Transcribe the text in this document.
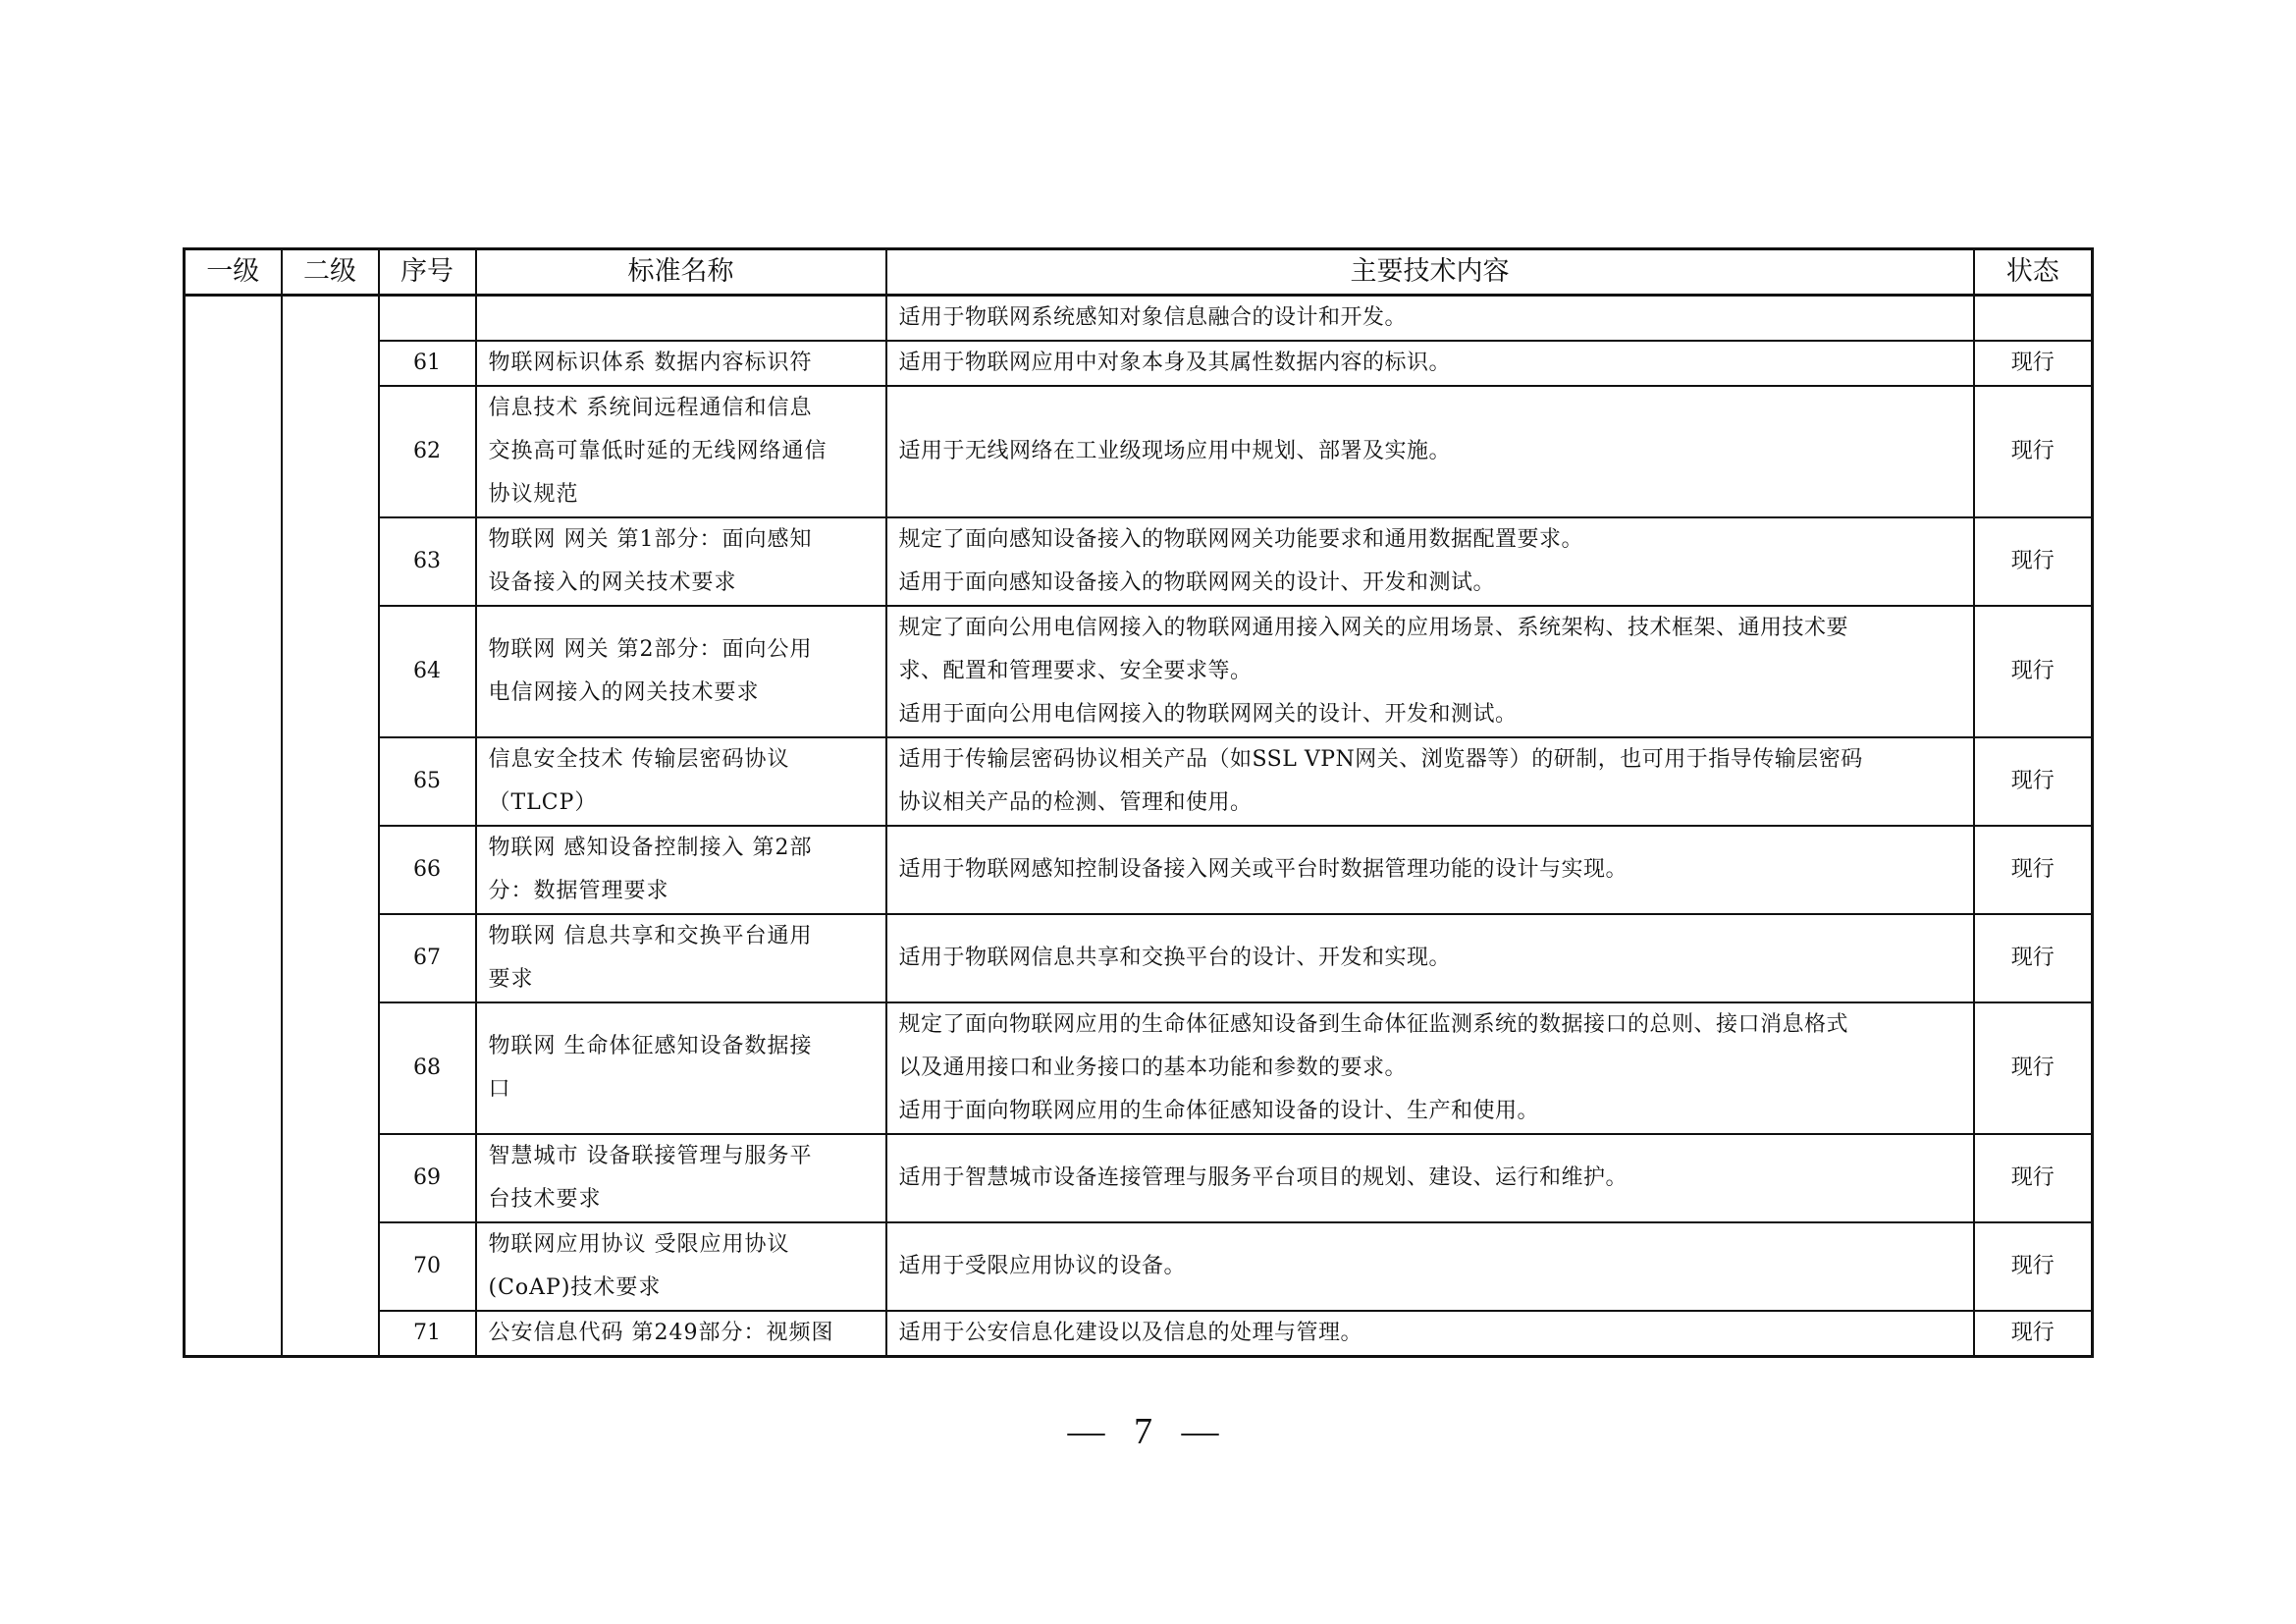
一级	二级	序号	标准名称	主要技术内容	状态

				适用于物联网系统感知对象信息融合的设计和开发。	

		61	物联网标识体系 数据内容标识符	适用于物联网应用中对象本身及其属性数据内容的标识。	现行
		62	信息技术 系统间远程通信和信息
交换高可靠低时延的无线网络通信
协议规范	适用于无线网络在工业级现场应用中规划、部署及实施。	现行
		63	物联网 网关 第1部分：面向感知
设备接入的网关技术要求	规定了面向感知设备接入的物联网网关功能要求和通用数据配置要求。
适用于面向感知设备接入的物联网网关的设计、开发和测试。	现行
		64	物联网 网关 第2部分：面向公用
电信网接入的网关技术要求	规定了面向公用电信网接入的物联网通用接入网关的应用场景、系统架构、技术框架、通用技术要
求、配置和管理要求、安全要求等。
适用于面向公用电信网接入的物联网网关的设计、开发和测试。	现行
		65	信息安全技术 传输层密码协议
（TLCP）	适用于传输层密码协议相关产品（如SSL VPN网关、浏览器等）的研制，也可用于指导传输层密码
协议相关产品的检测、管理和使用。	现行
		66	物联网 感知设备控制接入 第2部
分：数据管理要求	适用于物联网感知控制设备接入网关或平台时数据管理功能的设计与实现。	现行
		67	物联网 信息共享和交换平台通用
要求	适用于物联网信息共享和交换平台的设计、开发和实现。	现行
		68	物联网 生命体征感知设备数据接
口	规定了面向物联网应用的生命体征感知设备到生命体征监测系统的数据接口的总则、接口消息格式
以及通用接口和业务接口的基本功能和参数的要求。
适用于面向物联网应用的生命体征感知设备的设计、生产和使用。	现行
		69	智慧城市 设备联接管理与服务平
台技术要求	适用于智慧城市设备连接管理与服务平台项目的规划、建设、运行和维护。	现行
		70	物联网应用协议 受限应用协议
(CoAP)技术要求	适用于受限应用协议的设备。	现行
		71	公安信息代码 第249部分：视频图	适用于公安信息化建设以及信息的处理与管理。	现行
— 7 —
